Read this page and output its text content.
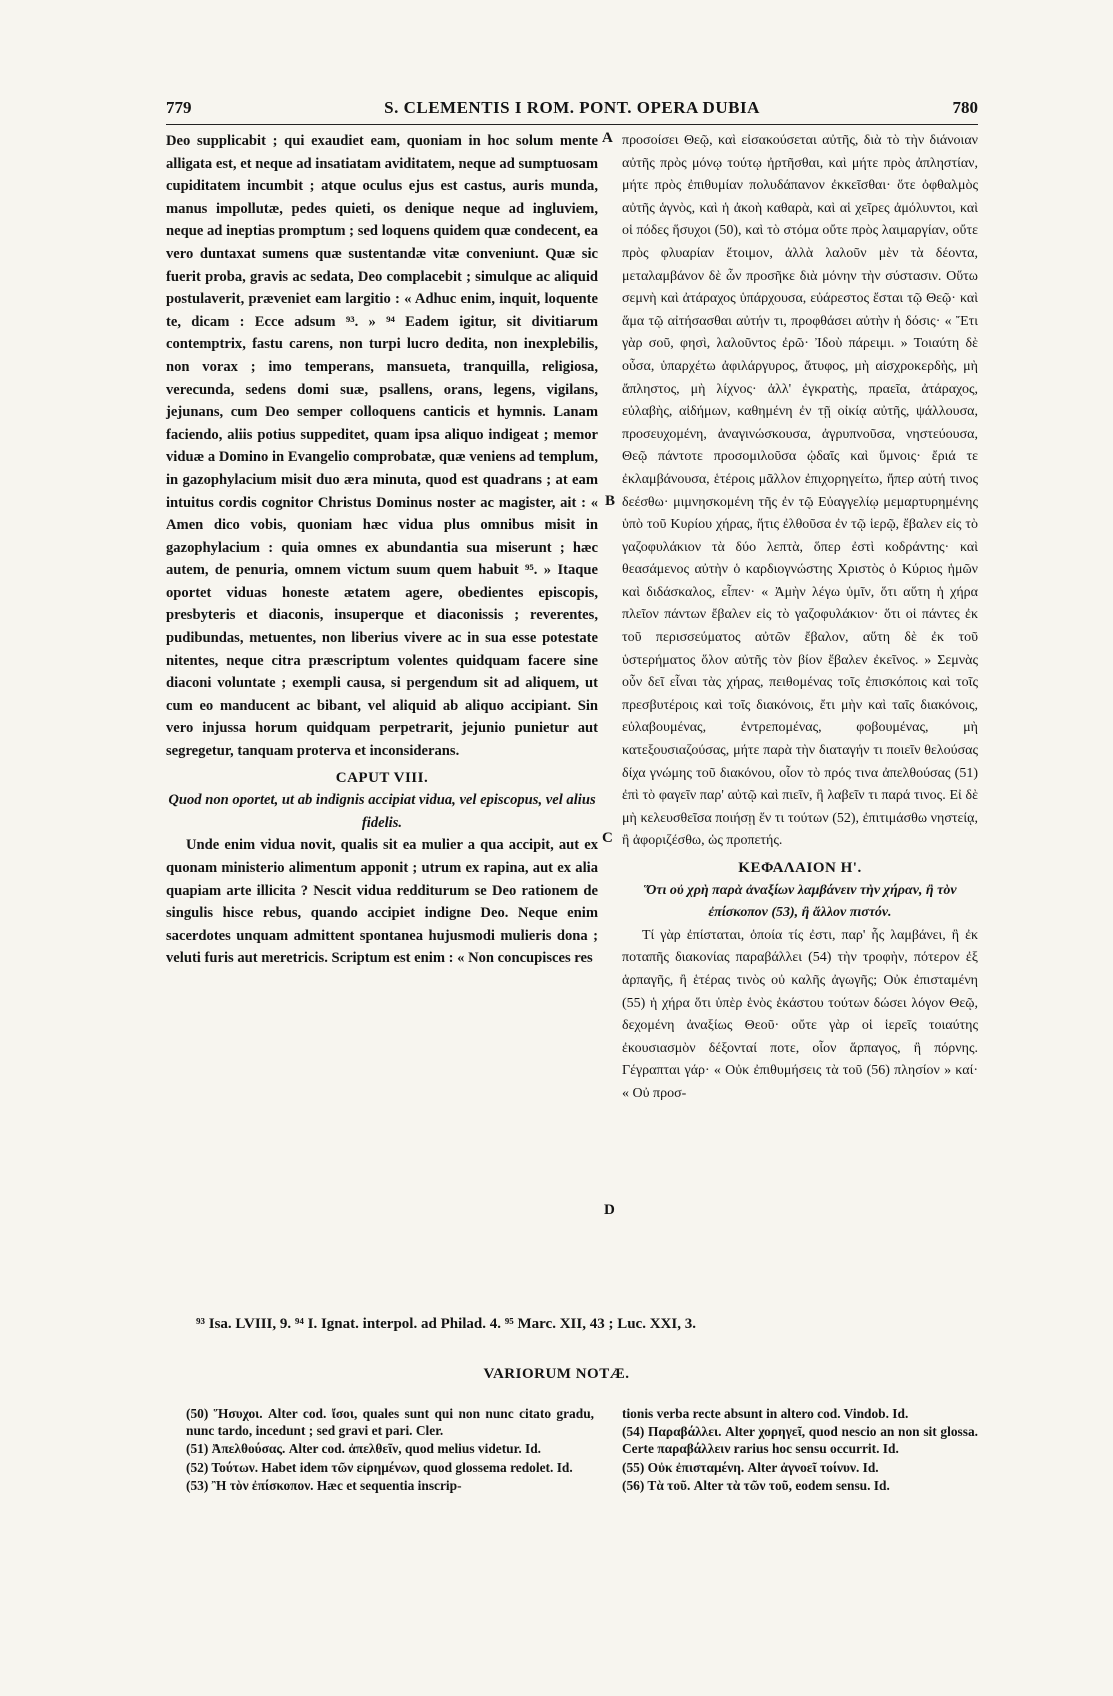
779	S. CLEMENTIS I ROM. PONT. OPERA DUBIA	780

Deo supplicabit ; qui exaudiet eam, quoniam in hoc solum mente alligata est, et neque ad insatiatam aviditatem, neque ad sumptuosam cupiditatem incumbit ; atque oculus ejus est castus, auris munda, manus impollutæ, pedes quieti, os denique neque ad ingluviem, neque ad ineptias promptum ; sed loquens quidem quæ condecent, ea vero duntaxat sumens quæ sustentandæ vitæ conveniunt. Quæ sic fuerit proba, gravis ac sedata, Deo complacebit ; simulque ac aliquid postulaverit, præveniet eam largitio : « Adhuc enim, inquit, loquente te, dicam : Ecce adsum ⁹³. » ⁹⁴ Eadem igitur, sit divitiarum contemptrix, fastu carens, non turpi lucro dedita, non inexplebilis, non vorax ; imo temperans, mansueta, tranquilla, religiosa, verecunda, sedens domi suæ, psallens, orans, legens, vigilans, jejunans, cum Deo semper colloquens canticis et hymnis. Lanam faciendo, aliis potius suppeditet, quam ipsa aliquo indigeat ; memor viduæ a Domino in Evangelio comprobatæ, quæ veniens ad templum, in gazophylacium misit duo æra minuta, quod est quadrans ; at eam intuitus cordis cognitor Christus Dominus noster ac magister, ait : « Amen dico vobis, quoniam hæc vidua plus omnibus misit in gazophylacium : quia omnes ex abundantia sua miserunt ; hæc autem, de penuria, omnem victum suum quem habuit ⁹⁵. » Itaque oportet viduas honeste ætatem agere, obedientes episcopis, presbyteris et diaconis, insuperque et diaconissis ; reverentes, pudibundas, metuentes, non liberius vivere ac in sua esse potestate nitentes, neque citra præscriptum volentes quidquam facere sine diaconi voluntate ; exempli causa, si pergendum sit ad aliquem, ut cum eo manducent ac bibant, vel aliquid ab aliquo accipiant. Sin vero injussa horum quidquam perpetrarit, jejunio punietur aut segregetur, tanquam proterva et inconsiderans.

CAPUT VIII.

Quod non oportet, ut ab indignis accipiat vidua, vel episcopus, vel alius fidelis.

Unde enim vidua novit, qualis sit ea mulier a qua accipit, aut ex quonam ministerio alimentum apponit ; utrum ex rapina, aut ex alia quapiam arte illicita ? Nescit vidua redditurum se Deo rationem de singulis hisce rebus, quando accipiet indigne Deo. Neque enim sacerdotes unquam admittent spontanea hujusmodi mulieris dona ; veluti furis aut meretricis. Scriptum est enim : « Non concupisces res

A
B
C
D

προσοίσει Θεῷ, καὶ εἰσακούσεται αὐτῆς, διὰ τὸ τὴν διάνοιαν αὐτῆς πρὸς μόνῳ τούτῳ ἠρτῆσθαι, καὶ μήτε πρὸς ἀπληστίαν, μήτε πρὸς ἐπιθυμίαν πολυδάπανον ἐκκεῖσθαι· ὅτε ὀφθαλμὸς αὐτῆς ἁγνὸς, καὶ ἡ ἀκοὴ καθαρὰ, καὶ αἱ χεῖρες ἀμόλυντοι, καὶ οἱ πόδες ἥσυχοι (50), καὶ τὸ στόμα οὔτε πρὸς λαιμαργίαν, οὔτε πρὸς φλυαρίαν ἕτοιμον, ἀλλὰ λαλοῦν μὲν τὰ δέοντα, μεταλαμβάνον δὲ ὧν προσῆκε διὰ μόνην τὴν σύστασιν. Οὕτω σεμνὴ καὶ ἀτάραχος ὑπάρχουσα, εὐάρεστος ἔσται τῷ Θεῷ· καὶ ἅμα τῷ αἰτήσασθαι αὐτήν τι, προφθάσει αὐτὴν ἡ δόσις· « Ἔτι γὰρ σοῦ, φησὶ, λαλοῦντος ἐρῶ· Ἰδοὺ πάρειμι. » Τοιαύτη δὲ οὖσα, ὑπαρχέτω ἀφιλάργυρος, ἄτυφος, μὴ αἰσχροκερδὴς, μὴ ἄπληστος, μὴ λίχνος· ἀλλ' ἐγκρατὴς, πραεῖα, ἀτάραχος, εὐλαβὴς, αἰδήμων, καθημένη ἐν τῇ οἰκίᾳ αὐτῆς, ψάλλουσα, προσευχομένη, ἀναγινώσκουσα, ἀγρυπνοῦσα, νηστεύουσα, Θεῷ πάντοτε προσομιλοῦσα ᾠδαῖς καὶ ὕμνοις· ἔριά τε ἐκλαμβάνουσα, ἑτέροις μᾶλλον ἐπιχορηγείτω, ἤπερ αὐτή τινος δεέσθω· μιμνησκομένη τῆς ἐν τῷ Εὐαγγελίῳ μεμαρτυρημένης ὑπὸ τοῦ Κυρίου χήρας, ἥτις ἐλθοῦσα ἐν τῷ ἱερῷ, ἔβαλεν εἰς τὸ γαζοφυλάκιον τὰ δύο λεπτὰ, ὅπερ ἐστὶ κοδράντης· καὶ θεασάμενος αὐτὴν ὁ καρδιογνώστης Χριστὸς ὁ Κύριος ἡμῶν καὶ διδάσκαλος, εἶπεν· « Ἀμὴν λέγω ὑμῖν, ὅτι αὕτη ἡ χήρα πλεῖον πάντων ἔβαλεν εἰς τὸ γαζοφυλάκιον· ὅτι οἱ πάντες ἐκ τοῦ περισσεύματος αὐτῶν ἔβαλον, αὕτη δὲ ἐκ τοῦ ὑστερήματος ὅλον αὐτῆς τὸν βίον ἔβαλεν ἐκεῖνος. » Σεμνὰς οὖν δεῖ εἶναι τὰς χήρας, πειθομένας τοῖς ἐπισκόποις καὶ τοῖς πρεσβυτέροις καὶ τοῖς διακόνοις, ἔτι μὴν καὶ ταῖς διακόνοις, εὐλαβουμένας, ἐντρεπομένας, φοβουμένας, μὴ κατεξουσιαζούσας, μήτε παρὰ τὴν διαταγήν τι ποιεῖν θελούσας δίχα γνώμης τοῦ διακόνου, οἷον τὸ πρός τινα ἀπελθούσας (51) ἐπὶ τὸ φαγεῖν παρ' αὐτῷ καὶ πιεῖν, ἢ λαβεῖν τι παρά τινος. Εἰ δὲ μὴ κελευσθεῖσα ποιήσῃ ἕν τι τούτων (52), ἐπιτιμάσθω νηστείᾳ, ἢ ἀφοριζέσθω, ὡς προπετής.

ΚΕΦΑΛΑΙΟΝ Η'.

Ὅτι οὐ χρὴ παρὰ ἀναξίων λαμβάνειν τὴν χήραν, ἢ τὸν ἐπίσκοπον (53), ἢ ἄλλον πιστόν.

Τί γὰρ ἐπίσταται, ὁποία τίς ἐστι, παρ' ἧς λαμβάνει, ἢ ἐκ ποταπῆς διακονίας παραβάλλει (54) τὴν τροφὴν, πότερον ἐξ ἁρπαγῆς, ἢ ἑτέρας τινὸς οὐ καλῆς ἀγωγῆς; Οὐκ ἐπισταμένη (55) ἡ χήρα ὅτι ὑπὲρ ἑνὸς ἑκάστου τούτων δώσει λόγον Θεῷ, δεχομένη ἀναξίως Θεοῦ· οὔτε γὰρ οἱ ἱερεῖς τοιαύτης ἐκουσιασμὸν δέξονταί ποτε, οἷον ἅρπαγος, ἢ πόρνης. Γέγραπται γάρ· « Οὐκ ἐπιθυμήσεις τὰ τοῦ (56) πλησίον » καί· « Οὐ προσ-

⁹³ Isa. LVIII, 9. ⁹⁴ I. Ignat. interpol. ad Philad. 4. ⁹⁵ Marc. XII, 43 ; Luc. XXI, 3.
VARIORUM NOTÆ.

(50) Ἥσυχοι. Alter cod. ἴσοι, quales sunt qui non nunc citato gradu, nunc tardo, incedunt ; sed gravi et pari. Cler.

(51) Ἀπελθούσας. Alter cod. ἀπελθεῖν, quod melius videtur. Id.

(52) Τούτων. Habet idem τῶν εἰρημένων, quod glossema redolet. Id.

(53) Ἢ τὸν ἐπίσκοπον. Hæc et sequentia inscrip-

tionis verba recte absunt in altero cod. Vindob. Id.

(54) Παραβάλλει. Alter χορηγεῖ, quod nescio an non sit glossa. Certe παραβάλλειν rarius hoc sensu occurrit. Id.

(55) Οὐκ ἐπισταμένη. Alter ἀγνοεῖ τοίνυν. Id.

(56) Τὰ τοῦ. Alter τὰ τῶν τοῦ, eodem sensu. Id.
